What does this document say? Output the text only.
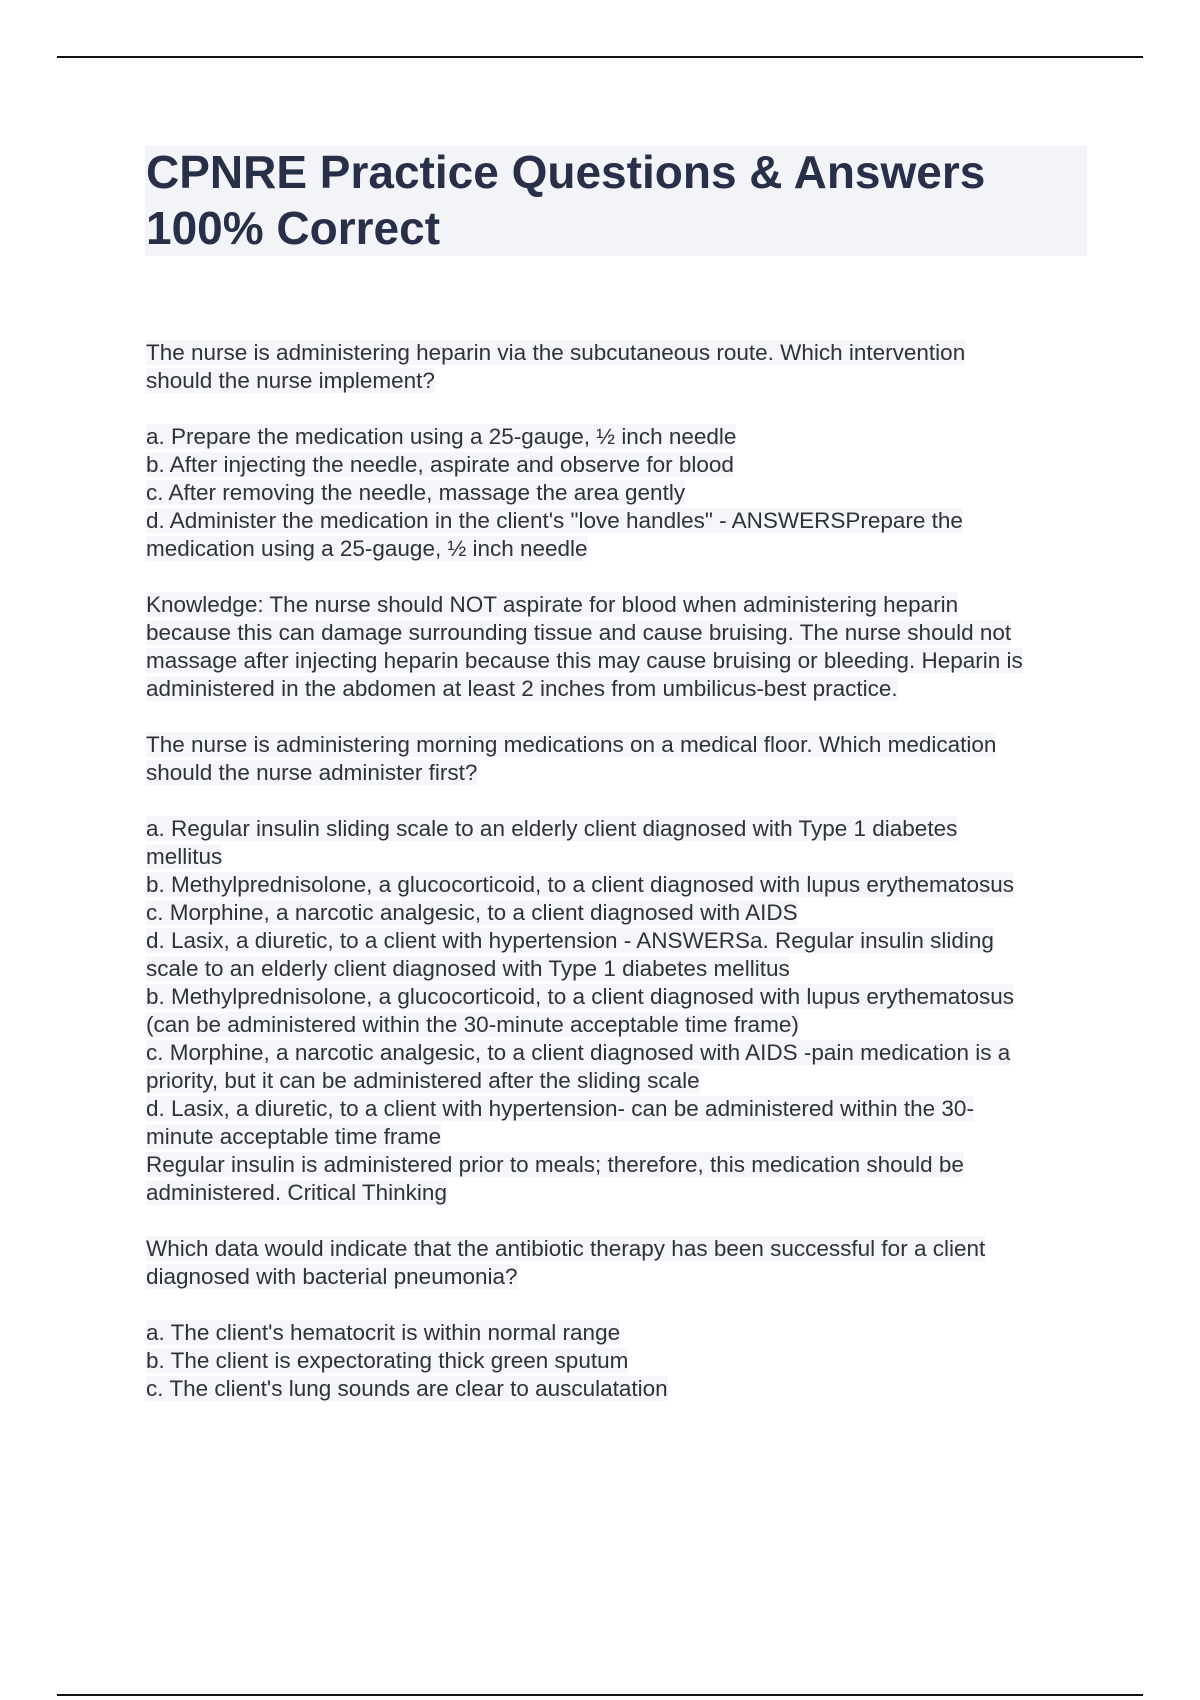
CPNRE Practice Questions & Answers
100% Correct
The nurse is administering heparin via the subcutaneous route. Which intervention
should the nurse implement?
a. Prepare the medication using a 25-gauge, ½ inch needle
b. After injecting the needle, aspirate and observe for blood
c. After removing the needle, massage the area gently
d. Administer the medication in the client's "love handles" - ANSWERSPrepare the
medication using a 25-gauge, ½ inch needle
Knowledge: The nurse should NOT aspirate for blood when administering heparin
because this can damage surrounding tissue and cause bruising. The nurse should not
massage after injecting heparin because this may cause bruising or bleeding. Heparin is
administered in the abdomen at least 2 inches from umbilicus-best practice.
The nurse is administering morning medications on a medical floor. Which medication
should the nurse administer first?
a. Regular insulin sliding scale to an elderly client diagnosed with Type 1 diabetes
mellitus
b. Methylprednisolone, a glucocorticoid, to a client diagnosed with lupus erythematosus
c. Morphine, a narcotic analgesic, to a client diagnosed with AIDS
d. Lasix, a diuretic, to a client with hypertension - ANSWERSa. Regular insulin sliding
scale to an elderly client diagnosed with Type 1 diabetes mellitus
b. Methylprednisolone, a glucocorticoid, to a client diagnosed with lupus erythematosus
(can be administered within the 30-minute acceptable time frame)
c. Morphine, a narcotic analgesic, to a client diagnosed with AIDS -pain medication is a
priority, but it can be administered after the sliding scale
d. Lasix, a diuretic, to a client with hypertension- can be administered within the 30-
minute acceptable time frame
Regular insulin is administered prior to meals; therefore, this medication should be
administered. Critical Thinking
Which data would indicate that the antibiotic therapy has been successful for a client
diagnosed with bacterial pneumonia?
a. The client's hematocrit is within normal range
b. The client is expectorating thick green sputum
c. The client's lung sounds are clear to ausculatation
